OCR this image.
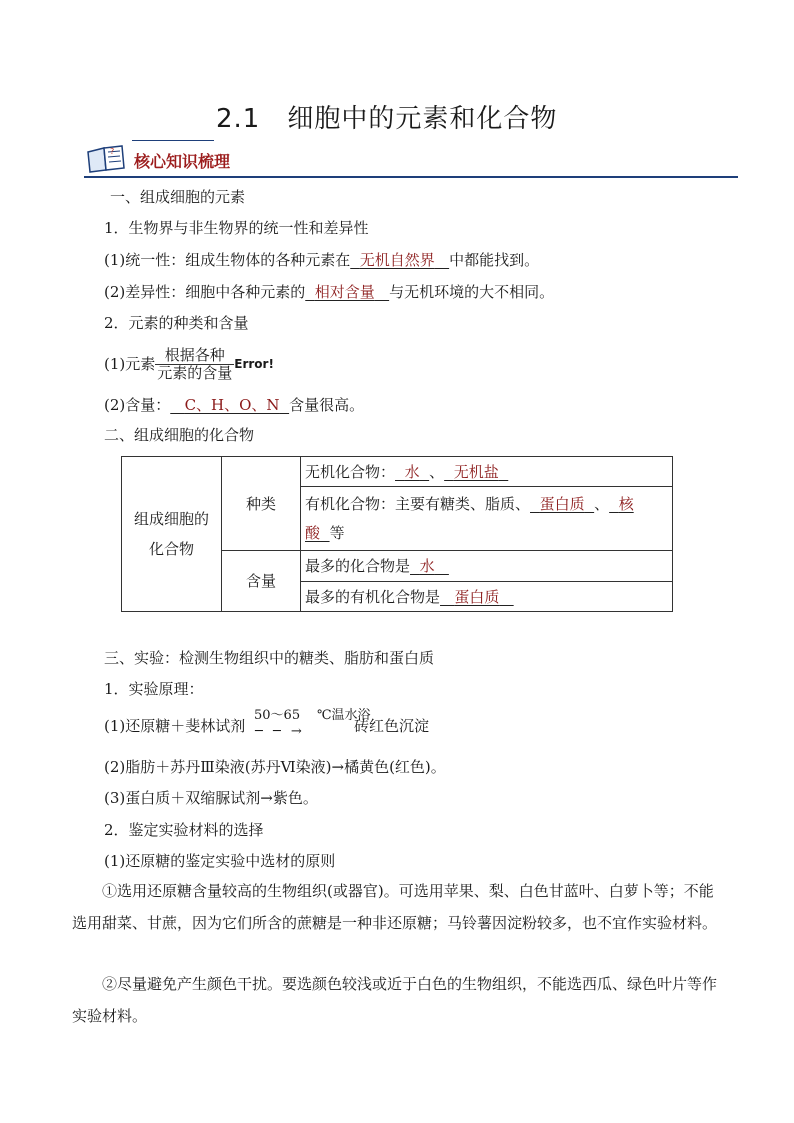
2.1　细胞中的元素和化合物
?
核心知识梳理
一、组成细胞的元素
1．生物界与非生物界的统一性和差异性
(1)统一性：组成生物体的各种元素在 无机自然界 中都能找到。
(2)差异性：细胞中各种元素的 相对含量 与无机环境的大不相同。
2．元素的种类和含量
(1)元素 $\frac{\text{根据各种}}{\text{元素的含量}}$ Error!
(2)含量： C、H、O、N 含量很高。
二、组成细胞的化合物
组成细胞的化合物	种类	无机化合物： 水 、 无机盐
		有机化合物：主要有糖类、脂质、 蛋白质 、 核
酸 等
	含量	最多的化合物是 水
		最多的有机化合物是 蛋白质
三、实验：检测生物组织中的糖类、脂肪和蛋白质
1．实验原理：
(1)还原糖＋斐林试剂
50～65 ℃温水浴
─ ─ →	砖红色沉淀
(2)脂肪＋苏丹Ⅲ染液(苏丹Ⅵ染液)→橘黄色(红色)。
(3)蛋白质＋双缩脲试剂→紫色。
2．鉴定实验材料的选择
(1)还原糖的鉴定实验中选材的原则
①选用还原糖含量较高的生物组织(或器官)。可选用苹果、梨、白色甘蓝叶、白萝卜等；不能选用甜菜、甘蔗，因为它们所含的蔗糖是一种非还原糖；马铃薯因淀粉较多，也不宜作实验材料。
②尽量避免产生颜色干扰。要选颜色较浅或近于白色的生物组织，不能选西瓜、绿色叶片等作实验材料。
